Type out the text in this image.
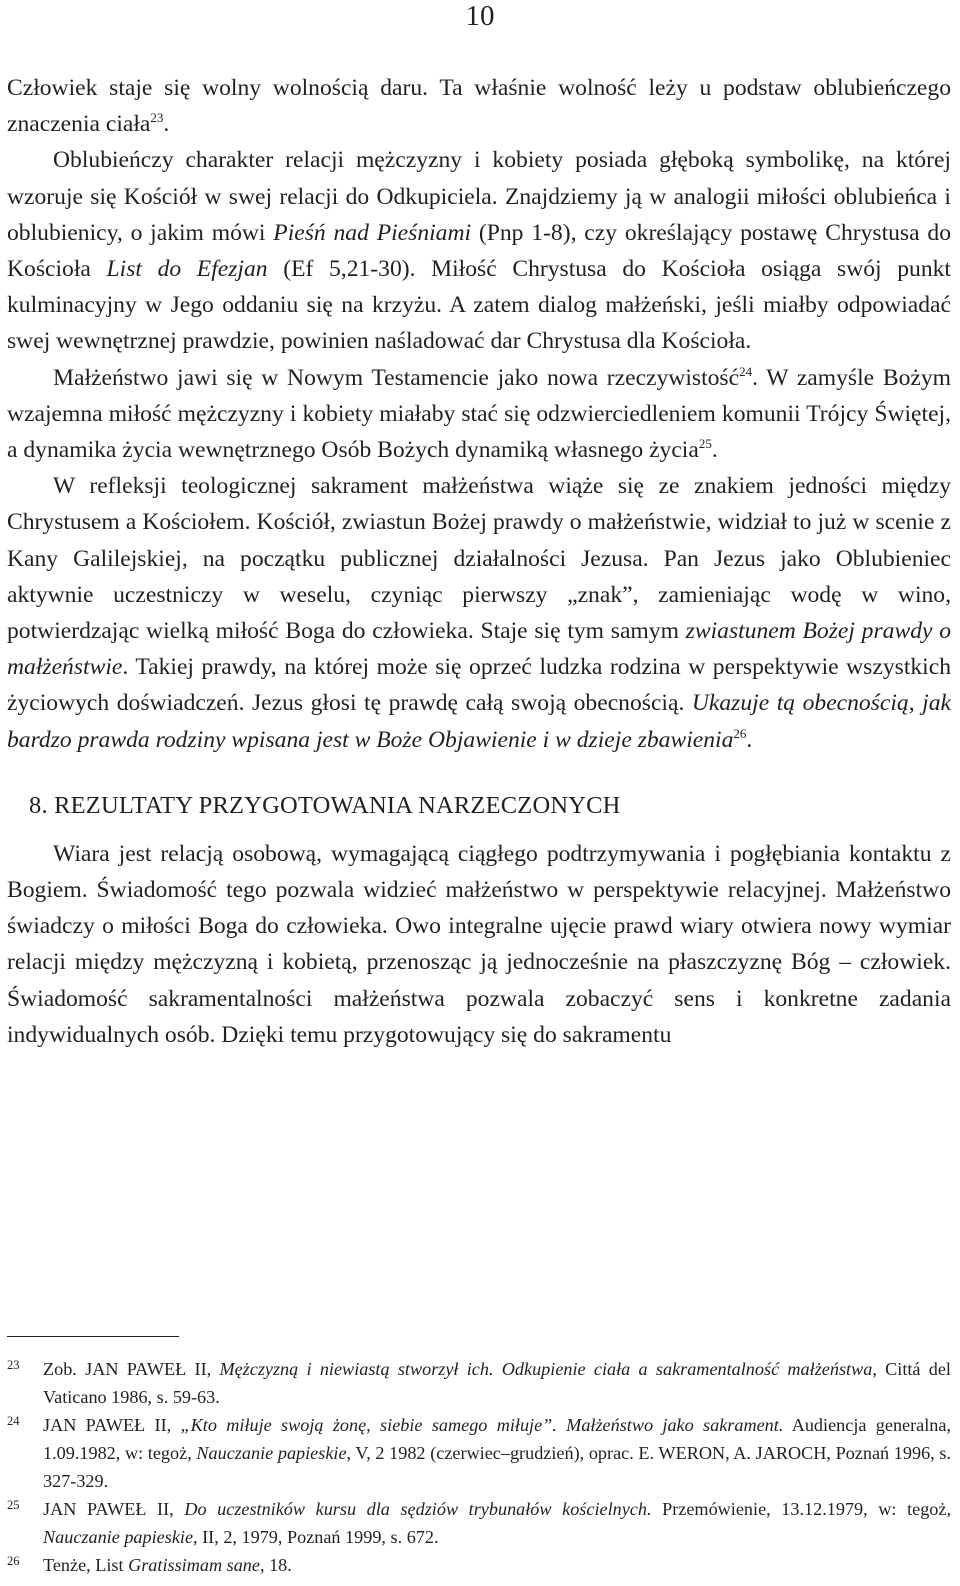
10

Człowiek staje się wolny wolnością daru. Ta właśnie wolność leży u podstaw oblubieńczego znaczenia ciała$^{23}$.

Oblubieńczy charakter relacji mężczyzny i kobiety posiada głęboką symbolikę, na której wzoruje się Kościół w swej relacji do Odkupiciela. Znajdziemy ją w analogii miłości oblubieńca i oblubienicy, o jakim mówi Pieśń nad Pieśniami (Pnp 1-8), czy określający postawę Chrystusa do Kościoła List do Efezjan (Ef 5,21-30). Miłość Chrystusa do Kościoła osiąga swój punkt kulminacyjny w Jego oddaniu się na krzyżu. A zatem dialog małżeński, jeśli miałby odpowiadać swej wewnętrznej prawdzie, powinien naśladować dar Chrystusa dla Kościoła.

Małżeństwo jawi się w Nowym Testamencie jako nowa rzeczywistość$^{24}$. W zamyśle Bożym wzajemna miłość mężczyzny i kobiety miałaby stać się odzwierciedleniem komunii Trójcy Świętej, a dynamika życia wewnętrznego Osób Bożych dynamiką własnego życia$^{25}$.

W refleksji teologicznej sakrament małżeństwa wiąże się ze znakiem jedności między Chrystusem a Kościołem. Kościół, zwiastun Bożej prawdy o małżeństwie, widział to już w scenie z Kany Galilejskiej, na początku publicznej działalności Jezusa. Pan Jezus jako Oblubieniec aktywnie uczestniczy w weselu, czyniąc pierwszy „znak”, zamieniając wodę w wino, potwierdzając wielką miłość Boga do człowieka. Staje się tym samym zwiastunem Bożej prawdy o małżeństwie. Takiej prawdy, na której może się oprzeć ludzka rodzina w perspektywie wszystkich życiowych doświadczeń. Jezus głosi tę prawdę całą swoją obecnością. Ukazuje tą obecnością, jak bardzo prawda rodziny wpisana jest w Boże Objawienie i w dzieje zbawienia$^{26}$.

8. REZULTATY PRZYGOTOWANIA NARZECZONYCH

Wiara jest relacją osobową, wymagającą ciągłego podtrzymywania i pogłębiania kontaktu z Bogiem. Świadomość tego pozwala widzieć małżeństwo w perspektywie relacyjnej. Małżeństwo świadczy o miłości Boga do człowieka. Owo integralne ujęcie prawd wiary otwiera nowy wymiar relacji między mężczyzną i kobietą, przenosząc ją jednocześnie na płaszczyznę Bóg – człowiek. Świadomość sakramentalności małżeństwa pozwala zobaczyć sens i konkretne zadania indywidualnych osób. Dzięki temu przygotowujący się do sakramentu

23 Zob. JAN PAWEŁ II, Mężczyzną i niewiastą stworzył ich. Odkupienie ciała a sakramentalność małżeństwa, Cittá del Vaticano 1986, s. 59-63.
24 JAN PAWEŁ II, „Kto miłuje swoją żonę, siebie samego miłuje”. Małżeństwo jako sakrament. Audiencja generalna, 1.09.1982, w: tegoż, Nauczanie papieskie, V, 2 1982 (czerwiec–grudzień), oprac. E. WERON, A. JAROCH, Poznań 1996, s. 327-329.
25 JAN PAWEŁ II, Do uczestników kursu dla sędziów trybunałów kościelnych. Przemówienie, 13.12.1979, w: tegoż, Nauczanie papieskie, II, 2, 1979, Poznań 1999, s. 672.
26 Tenże, List Gratissimam sane, 18.
